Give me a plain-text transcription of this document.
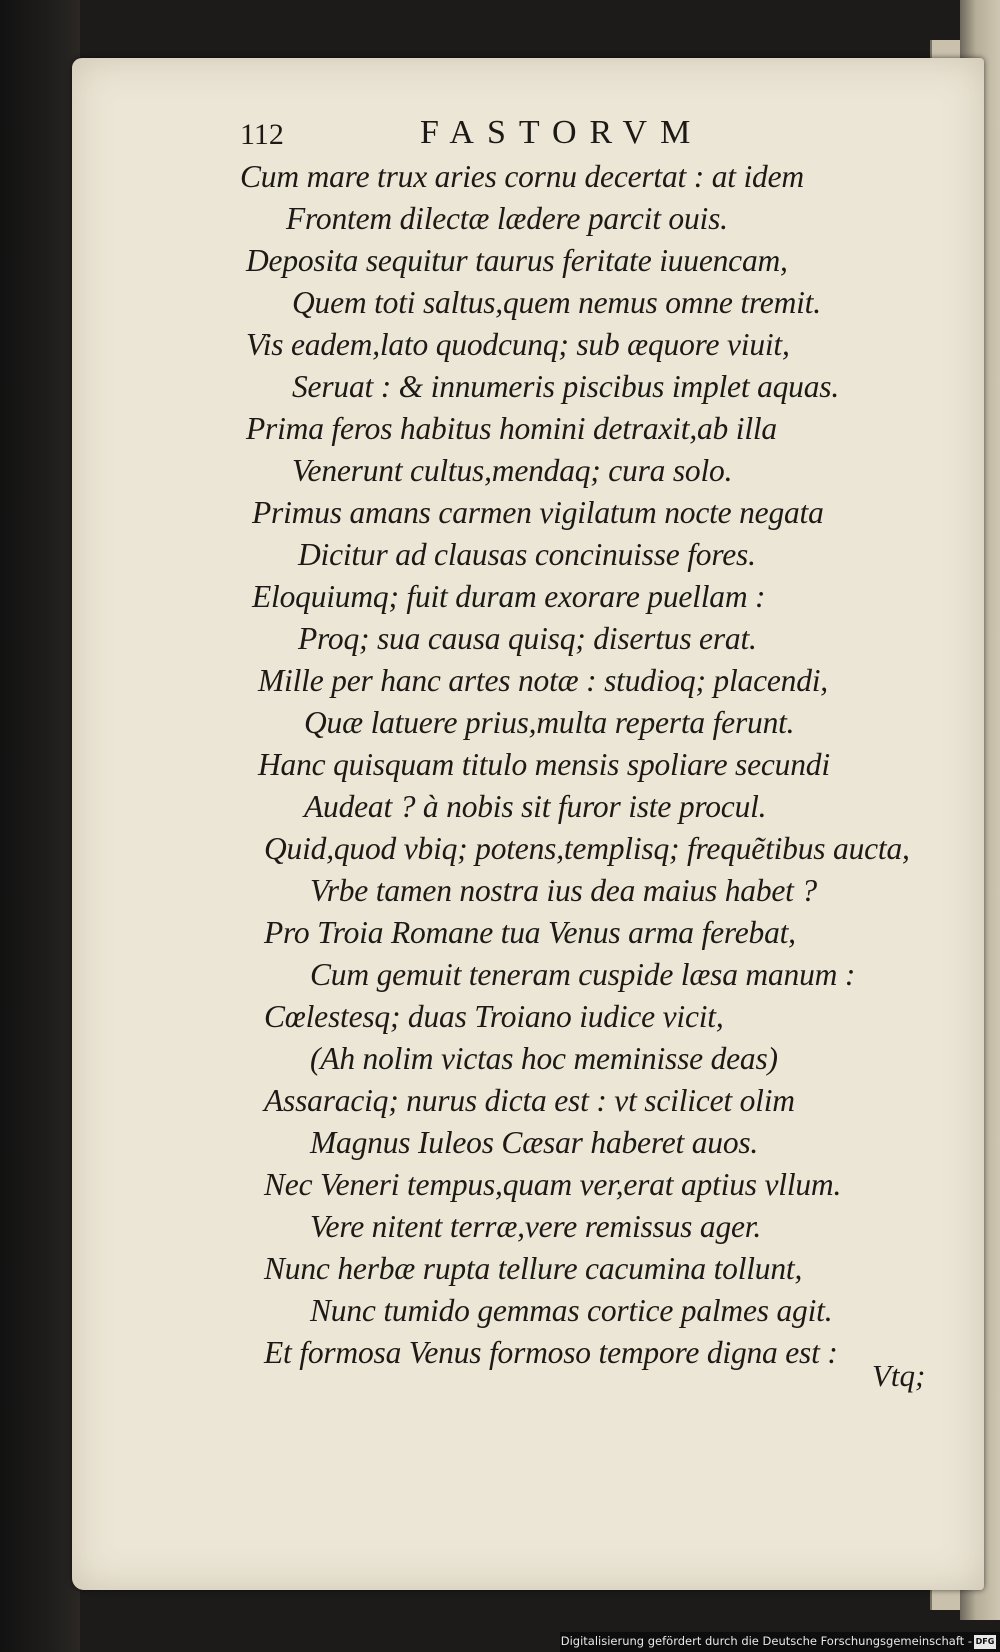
112	FASTORVM
Cum mare trux aries cornu decertat : at idem
Frontem dilectæ lædere parcit ouis.
Deposita sequitur taurus feritate iuuencam,
Quem toti saltus,quem nemus omne tremit.
Vis eadem,lato quodcunq; sub æquore viuit,
Seruat : & innumeris piscibus implet aquas.
Prima feros habitus homini detraxit,ab illa
Venerunt cultus,mendaq; cura solo.
Primus amans carmen vigilatum nocte negata
Dicitur ad clausas concinuisse fores.
Eloquiumq; fuit duram exorare puellam :
Proq; sua causa quisq; disertus erat.
Mille per hanc artes notæ : studioq; placendi,
Quæ latuere prius,multa reperta ferunt.
Hanc quisquam titulo mensis spoliare secundi
Audeat ? à nobis sit furor iste procul.
Quid,quod vbiq; potens,templisq; frequẽtibus aucta,
Vrbe tamen nostra ius dea maius habet ?
Pro Troia Romane tua Venus arma ferebat,
Cum gemuit teneram cuspide læsa manum :
Cœlestesq; duas Troiano iudice vicit,
(Ah nolim victas hoc meminisse deas)
Assaraciq; nurus dicta est : vt scilicet olim
Magnus Iuleos Cæsar haberet auos.
Nec Veneri tempus,quam ver,erat aptius vllum.
Vere nitent terræ,vere remissus ager.
Nunc herbæ rupta tellure cacumina tollunt,
Nunc tumido gemmas cortice palmes agit.
Et formosa Venus formoso tempore digna est :
Vtq;
Digitalisierung gefördert durch die Deutsche Forschungsgemeinschaft - DFG
